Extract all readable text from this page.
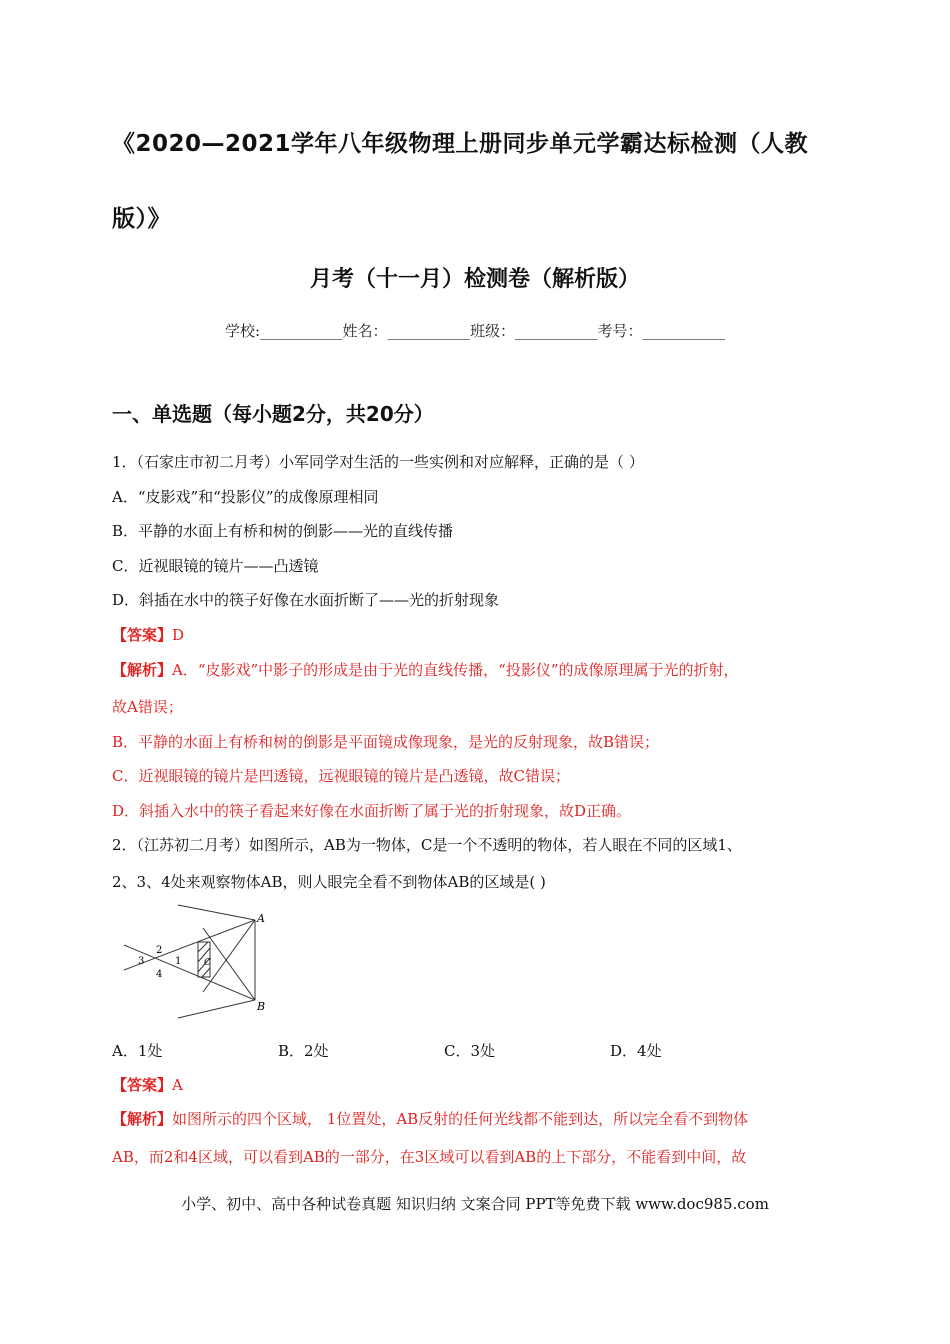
《2020—2021学年八年级物理上册同步单元学霸达标检测（人教
版）》
月考（十一月）检测卷（解析版）
学校:___________姓名：___________班级：___________考号：___________
一、单选题（每小题2分，共20分）
1．（石家庄市初二月考）小军同学对生活的一些实例和对应解释，正确的是（ ）
A．“皮影戏”和“投影仪”的成像原理相同
B．平静的水面上有桥和树的倒影——光的直线传播
C．近视眼镜的镜片——凸透镜
D．斜插在水中的筷子好像在水面折断了——光的折射现象
【答案】D
【解析】A．“皮影戏”中影子的形成是由于光的直线传播，“投影仪”的成像原理属于光的折射，
故A错误；
B．平静的水面上有桥和树的倒影是平面镜成像现象，是光的反射现象，故B错误；
C．近视眼镜的镜片是凹透镜，远视眼镜的镜片是凸透镜，故C错误；
D．斜插入水中的筷子看起来好像在水面折断了属于光的折射现象，故D正确。
2．（江苏初二月考）如图所示，AB为一物体，C是一个不透明的物体，若人眼在不同的区域1、
2、3、4处来观察物体AB，则人眼完全看不到物体AB的区域是( )
A
B
C
1
2
3
4
A．1处	B．2处	C．3处	D．4处
【答案】A
【解析】如图所示的四个区域， 1位置处，AB反射的任何光线都不能到达，所以完全看不到物体
AB，而2和4区域，可以看到AB的一部分，在3区域可以看到AB的上下部分，不能看到中间，故
小学、初中、高中各种试卷真题 知识归纳 文案合同 PPT等免费下载 www.doc985.com
